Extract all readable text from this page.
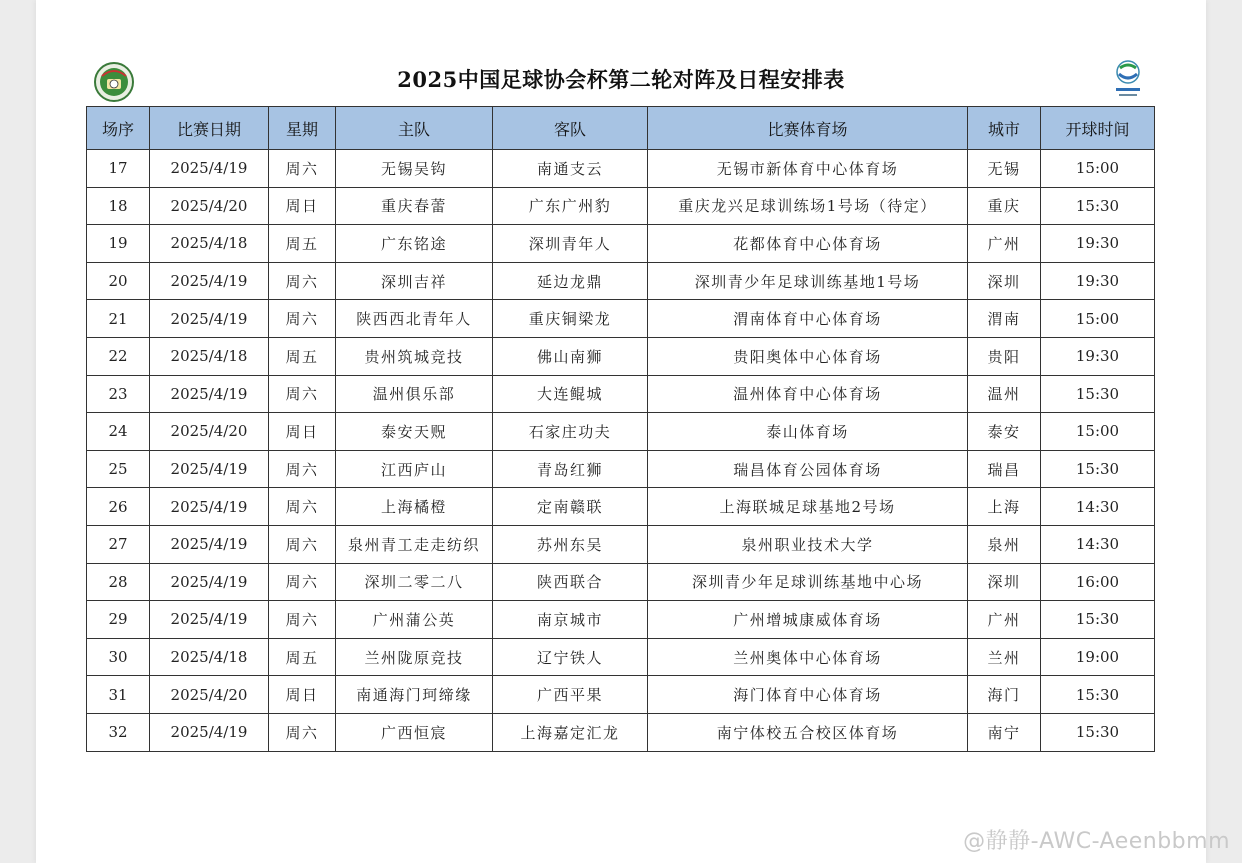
2025中国足球协会杯第二轮对阵及日程安排表
场序	比赛日期	星期	主队	客队	比赛体育场	城市	开球时间
17	2025/4/19	周六	无锡吴钩	南通支云	无锡市新体育中心体育场	无锡	15:00
18	2025/4/20	周日	重庆春蕾	广东广州豹	重庆龙兴足球训练场1号场（待定）	重庆	15:30
19	2025/4/18	周五	广东铭途	深圳青年人	花都体育中心体育场	广州	19:30
20	2025/4/19	周六	深圳吉祥	延边龙鼎	深圳青少年足球训练基地1号场	深圳	19:30
21	2025/4/19	周六	陕西西北青年人	重庆铜梁龙	渭南体育中心体育场	渭南	15:00
22	2025/4/18	周五	贵州筑城竞技	佛山南狮	贵阳奥体中心体育场	贵阳	19:30
23	2025/4/19	周六	温州俱乐部	大连鲲城	温州体育中心体育场	温州	15:30
24	2025/4/20	周日	泰安天贶	石家庄功夫	泰山体育场	泰安	15:00
25	2025/4/19	周六	江西庐山	青岛红狮	瑞昌体育公园体育场	瑞昌	15:30
26	2025/4/19	周六	上海橘橙	定南赣联	上海联城足球基地2号场	上海	14:30
27	2025/4/19	周六	泉州青工走走纺织	苏州东吴	泉州职业技术大学	泉州	14:30
28	2025/4/19	周六	深圳二零二八	陕西联合	深圳青少年足球训练基地中心场	深圳	16:00
29	2025/4/19	周六	广州蒲公英	南京城市	广州增城康威体育场	广州	15:30
30	2025/4/18	周五	兰州陇原竞技	辽宁铁人	兰州奥体中心体育场	兰州	19:00
31	2025/4/20	周日	南通海门珂缔缘	广西平果	海门体育中心体育场	海门	15:30
32	2025/4/19	周六	广西恒宸	上海嘉定汇龙	南宁体校五合校区体育场	南宁	15:30
@静静-AWC-Aeenbbmm
